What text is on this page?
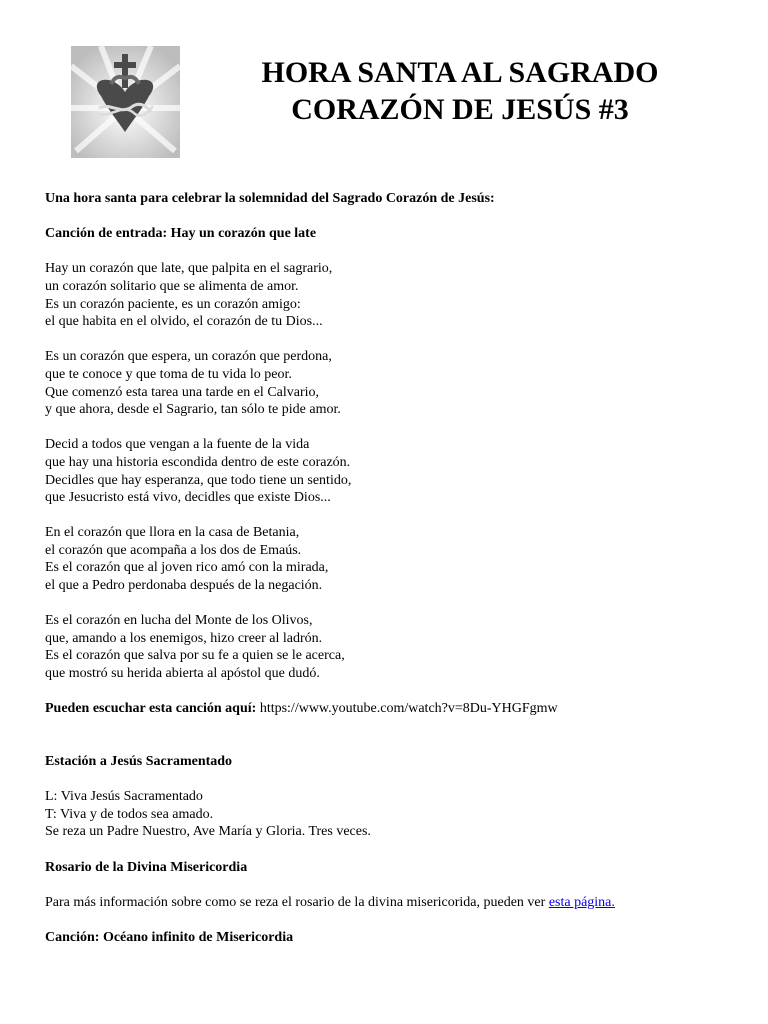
HORA SANTA AL SAGRADO
CORAZÓN DE JESÚS #3
Una hora santa para celebrar la solemnidad del Sagrado Corazón de Jesús:
Canción de entrada: Hay un corazón que late
Hay un corazón que late, que palpita en el sagrario,
un corazón solitario que se alimenta de amor.
Es un corazón paciente, es un corazón amigo:
el que habita en el olvido, el corazón de tu Dios...
Es un corazón que espera, un corazón que perdona,
que te conoce y que toma de tu vida lo peor.
Que comenzó esta tarea una tarde en el Calvario,
y que ahora, desde el Sagrario, tan sólo te pide amor.
Decid a todos que vengan a la fuente de la vida
que hay una historia escondida dentro de este corazón.
Decidles que hay esperanza, que todo tiene un sentido,
que Jesucristo está vivo, decidles que existe Dios...
En el corazón que llora en la casa de Betania,
el corazón que acompaña a los dos de Emaús.
Es el corazón que al joven rico amó con la mirada,
el que a Pedro perdonaba después de la negación.
Es el corazón en lucha del Monte de los Olivos,
que, amando a los enemigos, hizo creer al ladrón.
Es el corazón que salva por su fe a quien se le acerca,
que mostró su herida abierta al apóstol que dudó.
Pueden escuchar esta canción aquí: https://www.youtube.com/watch?v=8Du-YHGFgmw
Estación a Jesús Sacramentado
L: Viva Jesús Sacramentado
T: Viva y de todos sea amado.
Se reza un Padre Nuestro, Ave María y Gloria. Tres veces.
Rosario de la Divina Misericordia
Para más información sobre como se reza el rosario de la divina misericorida, pueden ver esta página.
Canción: Océano infinito de Misericordia
